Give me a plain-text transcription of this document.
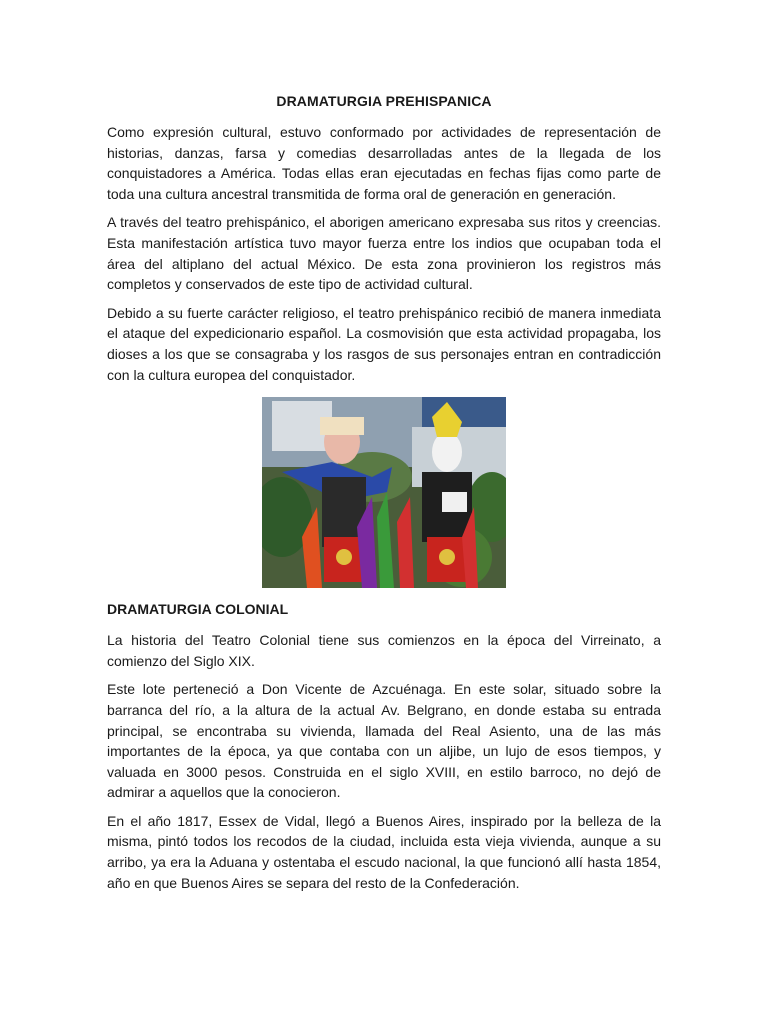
DRAMATURGIA PREHISPANICA

Como expresión cultural, estuvo conformado por actividades de representación de historias, danzas, farsa y comedias desarrolladas antes de la llegada de los conquistadores a América. Todas ellas eran ejecutadas en fechas fijas como parte de toda una cultura ancestral transmitida de forma oral de generación en generación.

A través del teatro prehispánico, el aborigen americano expresaba sus ritos y creencias. Esta manifestación artística tuvo mayor fuerza entre los indios que ocupaban toda el área del altiplano del actual México. De esta zona provinieron los registros más completos y conservados de este tipo de actividad cultural.

Debido a su fuerte carácter religioso, el teatro prehispánico recibió de manera inmediata el ataque del expedicionario español. La cosmovisión que esta actividad propagaba, los dioses a los que se consagraba y los rasgos de sus personajes entran en contradicción con la cultura europea del conquistador.

DRAMATURGIA COLONIAL

La historia del Teatro Colonial tiene sus comienzos en la época del Virreinato, a comienzo del Siglo XIX.

Este lote perteneció a Don Vicente de Azcuénaga. En este solar, situado sobre la barranca del río, a la altura de la actual Av. Belgrano, en donde estaba su entrada principal, se encontraba su vivienda, llamada del Real Asiento, una de las más importantes de la época, ya que contaba con un aljibe, un lujo de esos tiempos, y valuada en 3000 pesos. Construida en el siglo XVIII, en estilo barroco, no dejó de admirar a aquellos que la conocieron.

En el año 1817, Essex de Vidal, llegó a Buenos Aires, inspirado por la belleza de la misma, pintó todos los recodos de la ciudad, incluida esta vieja vivienda, aunque a su arribo, ya era la Aduana y ostentaba el escudo nacional, la que funcionó allí hasta 1854, año en que Buenos Aires se separa del resto de la Confederación.
